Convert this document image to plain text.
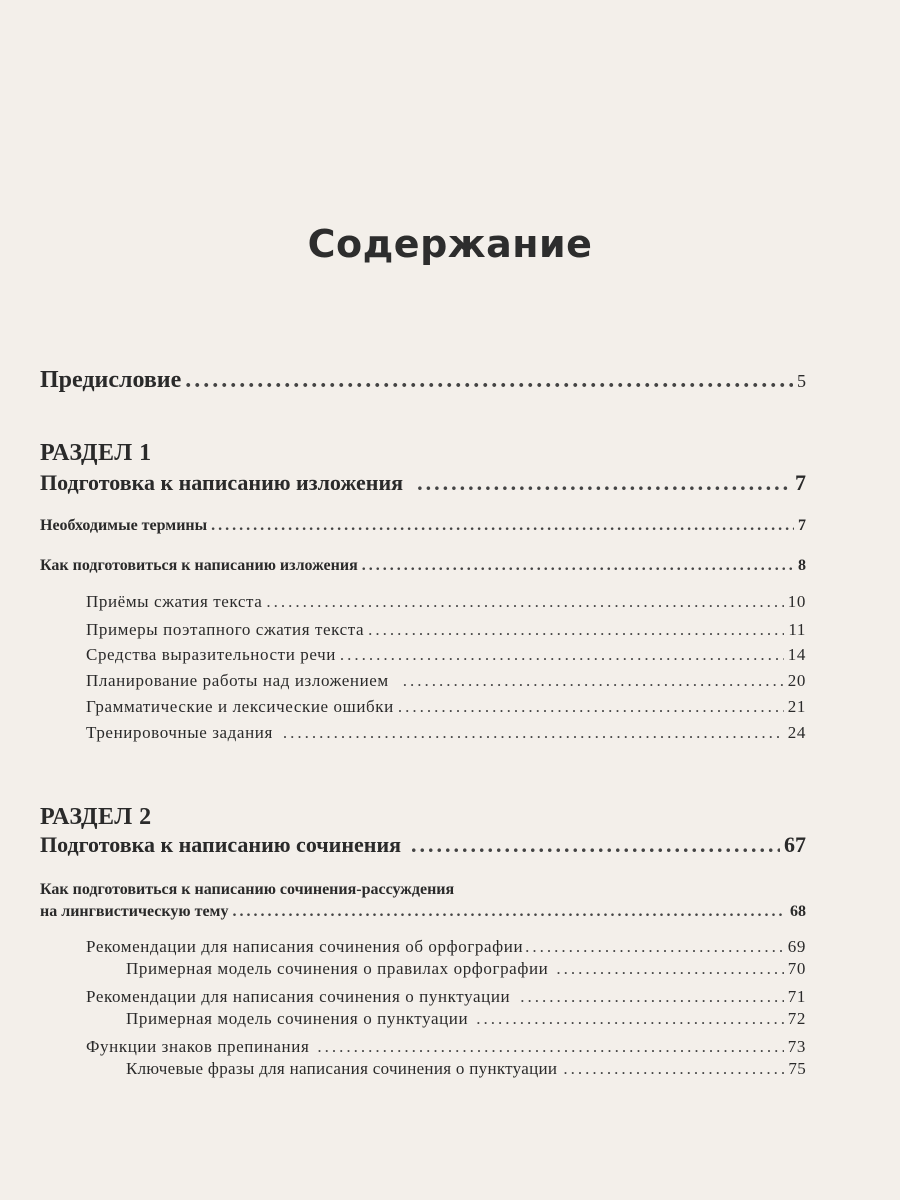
Содержание
Предисловие .....	5
РАЗДЕЛ 1
Подготовка к написанию изложения .....	7
Необходимые термины .....	7
Как подготовиться к написанию изложения .....	8
Приёмы сжатия текста .....	10
Примеры поэтапного сжатия текста .....	11
Средства выразительности речи .....	14
Планирование работы над изложением .....	20
Грамматические и лексические ошибки .....	21
Тренировочные задания .....	24
РАЗДЕЛ 2
Подготовка к написанию сочинения .....	67
Как подготовиться к написанию сочинения-рассуждения
на лингвистическую тему .....	68
Рекомендации для написания сочинения об орфографии .....	69
Примерная модель сочинения о правилах орфографии .....	70
Рекомендации для написания сочинения о пунктуации .....	71
Примерная модель сочинения о пунктуации .....	72
Функции знаков препинания .....	73
Ключевые фразы для написания сочинения о пунктуации .....	75
